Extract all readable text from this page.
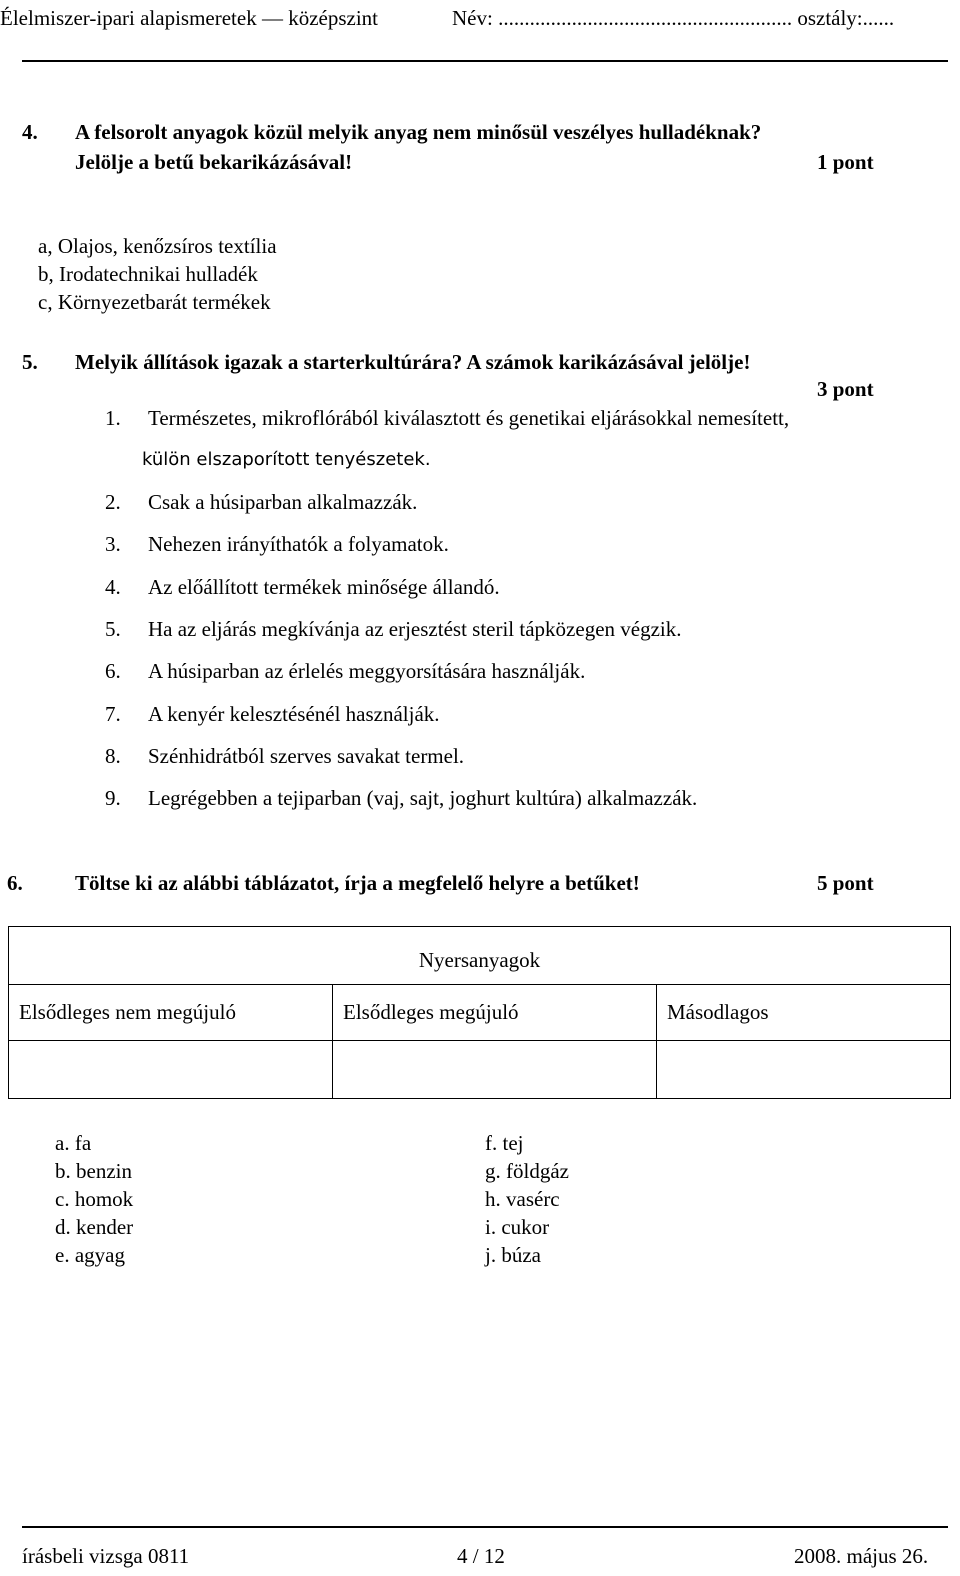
Élelmiszer-ipari alapismeretek — középszint	Név: ........................................................ osztály:......
4. A felsorolt anyagok közül melyik anyag nem minősül veszélyes hulladéknak?
Jelölje a betű bekarikázásával!	1 pont
a, Olajos, kenőzsíros textília
b, Irodatechnikai hulladék
c, Környezetbarát termékek
5. Melyik állítások igazak a starterkultúrára? A számok karikázásával jelölje!
3 pont
1. Természetes, mikroflórából kiválasztott és genetikai eljárásokkal nemesített,
külön elszaporított tenyészetek.
2. Csak a húsiparban alkalmazzák.
3. Nehezen irányíthatók a folyamatok.
4. Az előállított termékek minősége állandó.
5. Ha az eljárás megkívánja az erjesztést steril tápközegen végzik.
6. A húsiparban az érlelés meggyorsítására használják.
7. A kenyér kelesztésénél használják.
8. Szénhidrátból szerves savakat termel.
9. Legrégebben a tejiparban (vaj, sajt, joghurt kultúra) alkalmazzák.
6. Töltse ki az alábbi táblázatot, írja a megfelelő helyre a betűket!	5 pont
Nyersanyagok		
Elsődleges nem megújuló	Elsődleges megújuló	Másodlagos

a. fa
b. benzin
c. homok
d. kender
e. agyag
f. tej
g. földgáz
h. vasérc
i. cukor
j. búza
írásbeli vizsga 0811	4 / 12	2008. május 26.
